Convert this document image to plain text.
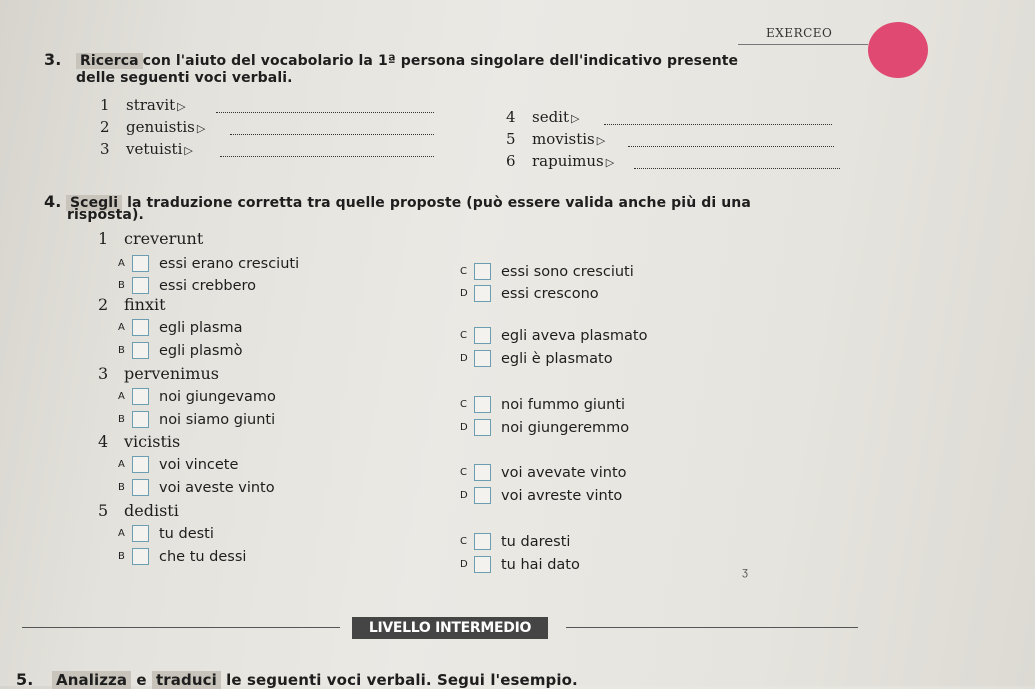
EXERCEO
3. Ricerca con l'aiuto del vocabolario la 1ª persona singolare dell'indicativo presente
delle seguenti voci verbali.
1 stravit ▷
2 genuistis ▷
3 vetuisti ▷
4 sedit ▷
5 movistis ▷
6 rapuimus ▷
4. Scegli la traduzione corretta tra quelle proposte (può essere valida anche più di una
risposta).
1 creverunt
A	essi erano cresciuti
B	essi crebbero
C	essi sono cresciuti
D	essi crescono
2 finxit
A	egli plasma
B	egli plasmò
C	egli aveva plasmato
D	egli è plasmato
3 pervenimus
A	noi giungevamo
B	noi siamo giunti
C	noi fummo giunti
D	noi giungeremmo
4 vicistis
A	voi vincete
B	voi aveste vinto
C	voi avevate vinto
D	voi avreste vinto
5 dedisti
A	tu desti
B	che tu dessi
C	tu daresti
D	tu hai dato	ʒ
LIVELLO INTERMEDIO
5. Analizza e traduci le seguenti voci verbali. Segui l'esempio.
